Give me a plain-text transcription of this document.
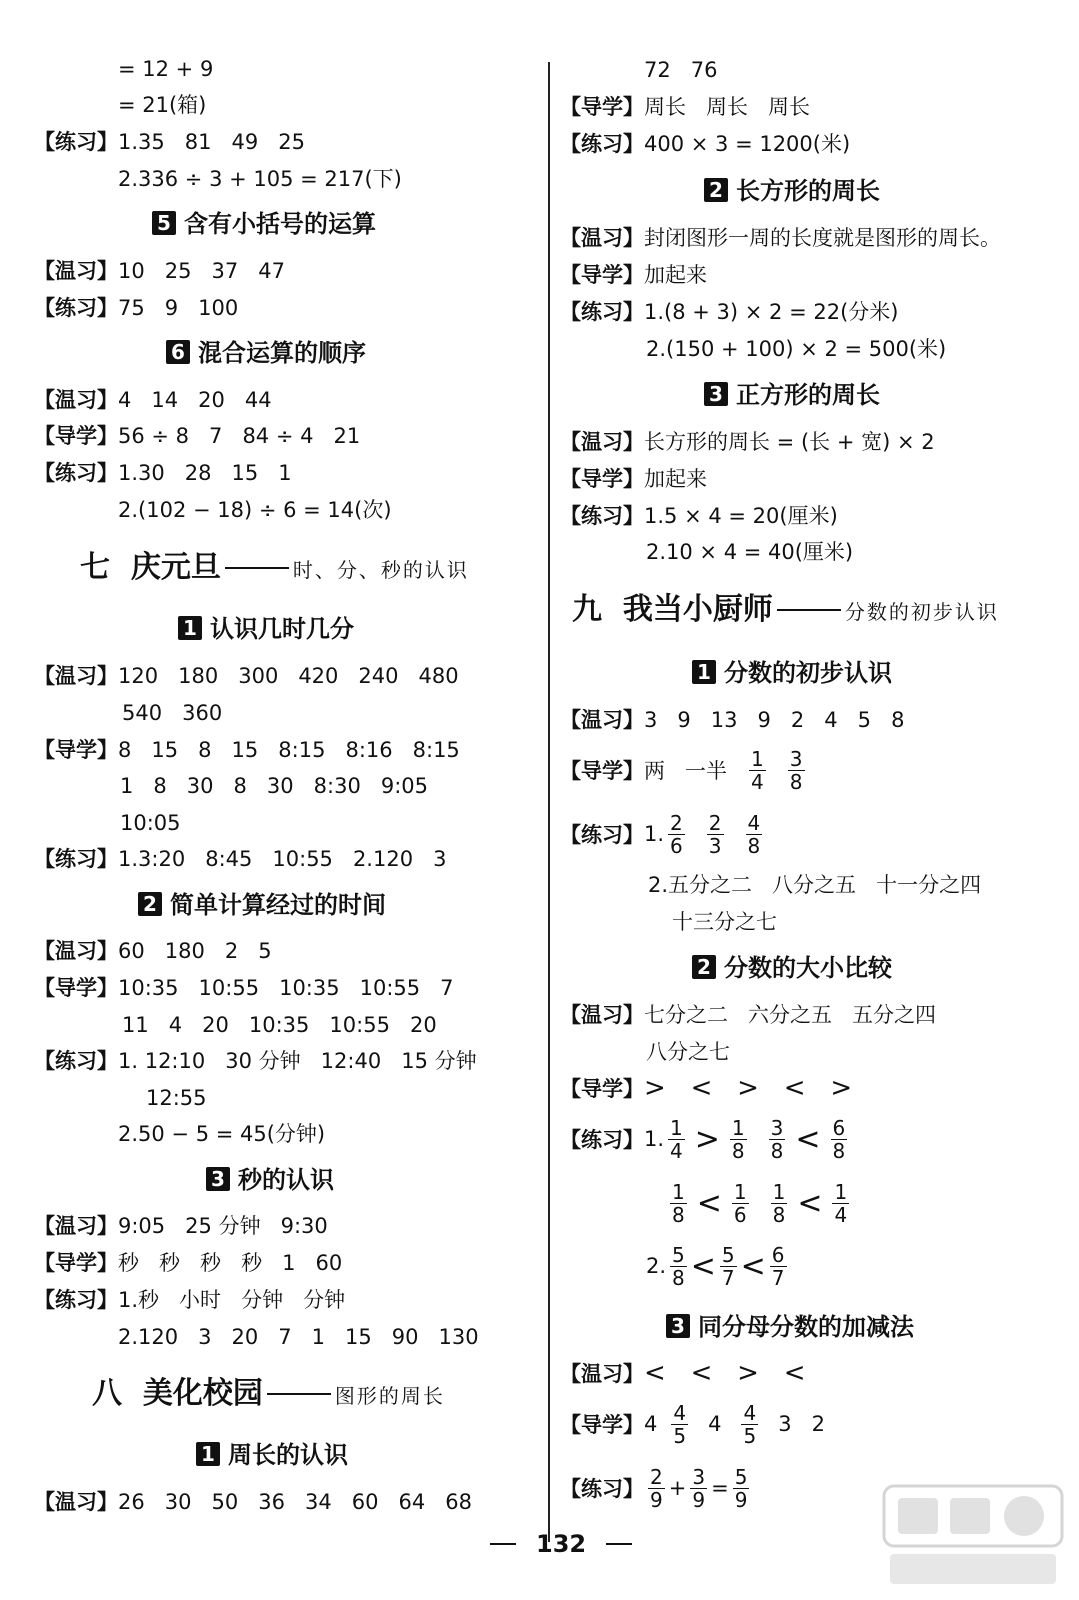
= 12 + 9
= 21(箱)
【练习】1.35   81   49   25
2.336 ÷ 3 + 105 = 217(下)
5 含有小括号的运算
【温习】10   25   37   47
【练习】75   9   100
6 混合运算的顺序
【温习】4   14   20   44
【导学】56 ÷ 8   7   84 ÷ 4   21
【练习】1.30   28   15   1
2.(102 − 18) ÷ 6 = 14(次)
七  庆元旦	时、分、秒的认识
1 认识几时几分
【温习】120   180   300   420   240   480
540   360
【导学】8   15   8   15   8:15   8:16   8:15
1   8   30   8   30   8:30   9:05
10:05
【练习】1.3:20   8:45   10:55   2.120   3
2 简单计算经过的时间
【温习】60   180   2   5
【导学】10:35   10:55   10:35   10:55   7
11   4   20   10:35   10:55   20
【练习】1. 12:10   30 分钟   12:40   15 分钟
12:55
2.50 − 5 = 45(分钟)
3 秒的认识
【温习】9:05   25 分钟   9:30
【导学】秒   秒   秒   秒   1   60
【练习】1.秒   小时   分钟   分钟
2.120   3   20   7   1   15   90   130
八  美化校园	图形的周长
1 周长的认识
【温习】26   30   50   36   34   60   64   68
72   76
【导学】周长   周长   周长
【练习】400 × 3 = 1200(米)
2 长方形的周长
【温习】封闭图形一周的长度就是图形的周长。
【导学】加起来
【练习】1.(8 + 3) × 2 = 22(分米)
2.(150 + 100) × 2 = 500(米)
3 正方形的周长
【温习】长方形的周长 = (长 + 宽) × 2
【导学】加起来
【练习】1.5 × 4 = 20(厘米)
2.10 × 4 = 40(厘米)
九  我当小厨师	分数的初步认识
1 分数的初步认识
【温习】3   9   13   9   2   4   5   8
【导学】 两   一半 $\frac{1}{4} \frac{3}{8}$
【练习】 1. $\frac{2}{6} \frac{2}{3} \frac{4}{8}$
2.五分之二   八分之五   十一分之四
十三分之七
2 分数的大小比较
【温习】七分之二   六分之五   五分之四
八分之七
【导学】>   <   >   <   >
【练习】 1. $\frac{1}{4} > \frac{1}{8} \frac{3}{8} < \frac{6}{8}$
$\frac{1}{8} < \frac{1}{6} \frac{1}{8} < \frac{1}{4}$
2. $\frac{5}{8} < \frac{5}{7} < \frac{6}{7}$
3 同分母分数的加减法
【温习】<   <   >   <
【导学】 $4 \frac{4}{5} 4 \frac{4}{5} 3$   2
【练习】 $\frac{2}{9} + \frac{3}{9} = \frac{5}{9}$
132
